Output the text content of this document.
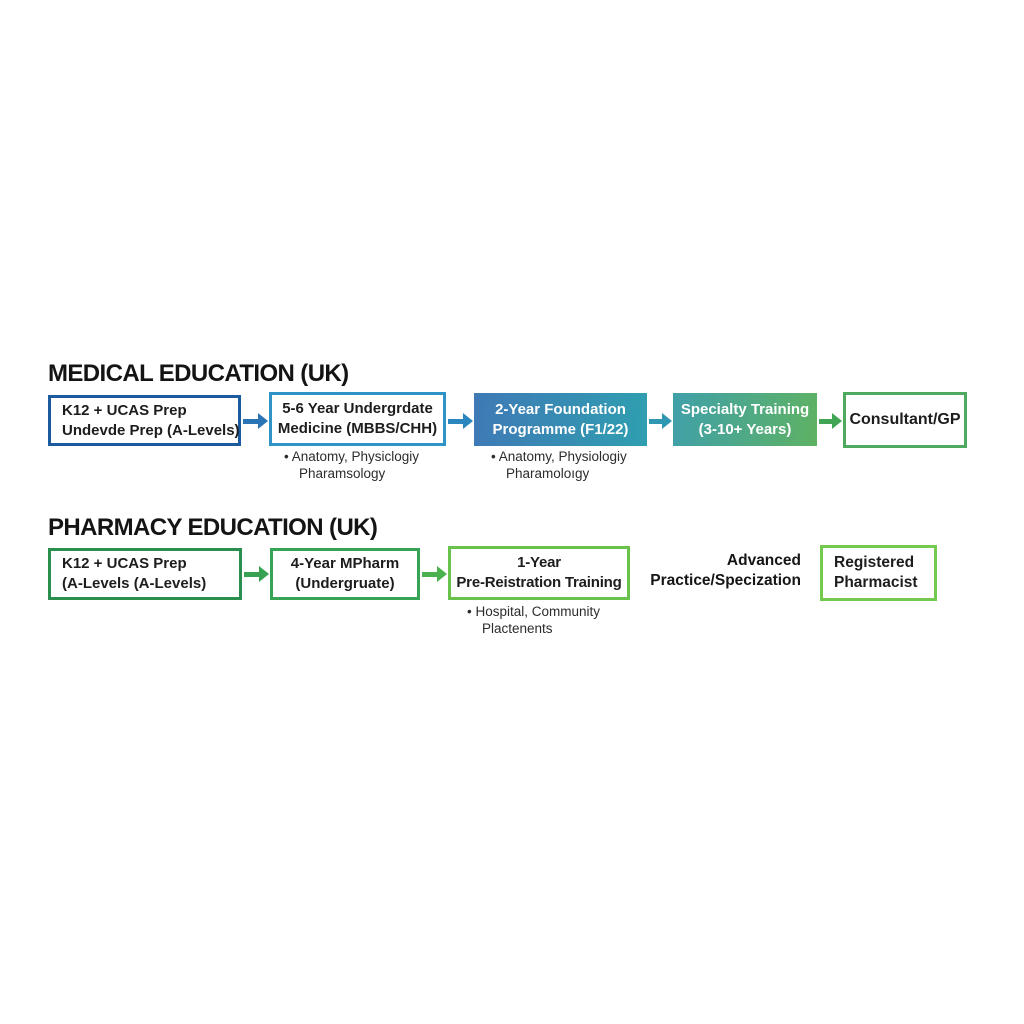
MEDICAL EDUCATION (UK)
K12 + UCAS Prep
Undevde Prep (A-Levels)
5-6 Year Undergrdate
Medicine (MBBS/CHH)
2-Year Foundation
Programme (F1/22)
Specialty Training
(3-10+ Years)
Consultant/GP
• Anatomy, Physiclogiy
Pharamsology
• Anatomy, Physiologiy
Pharamoloıgy
PHARMACY EDUCATION (UK)
K12 + UCAS Prep
(A-Levels (A-Levels)
4-Year MPharm
(Undergruate)
1-Year
Pre-Reistration Training
Advanced
Practice/Specization
Registered
Pharmacist
• Hospital, Community
Plactenents
